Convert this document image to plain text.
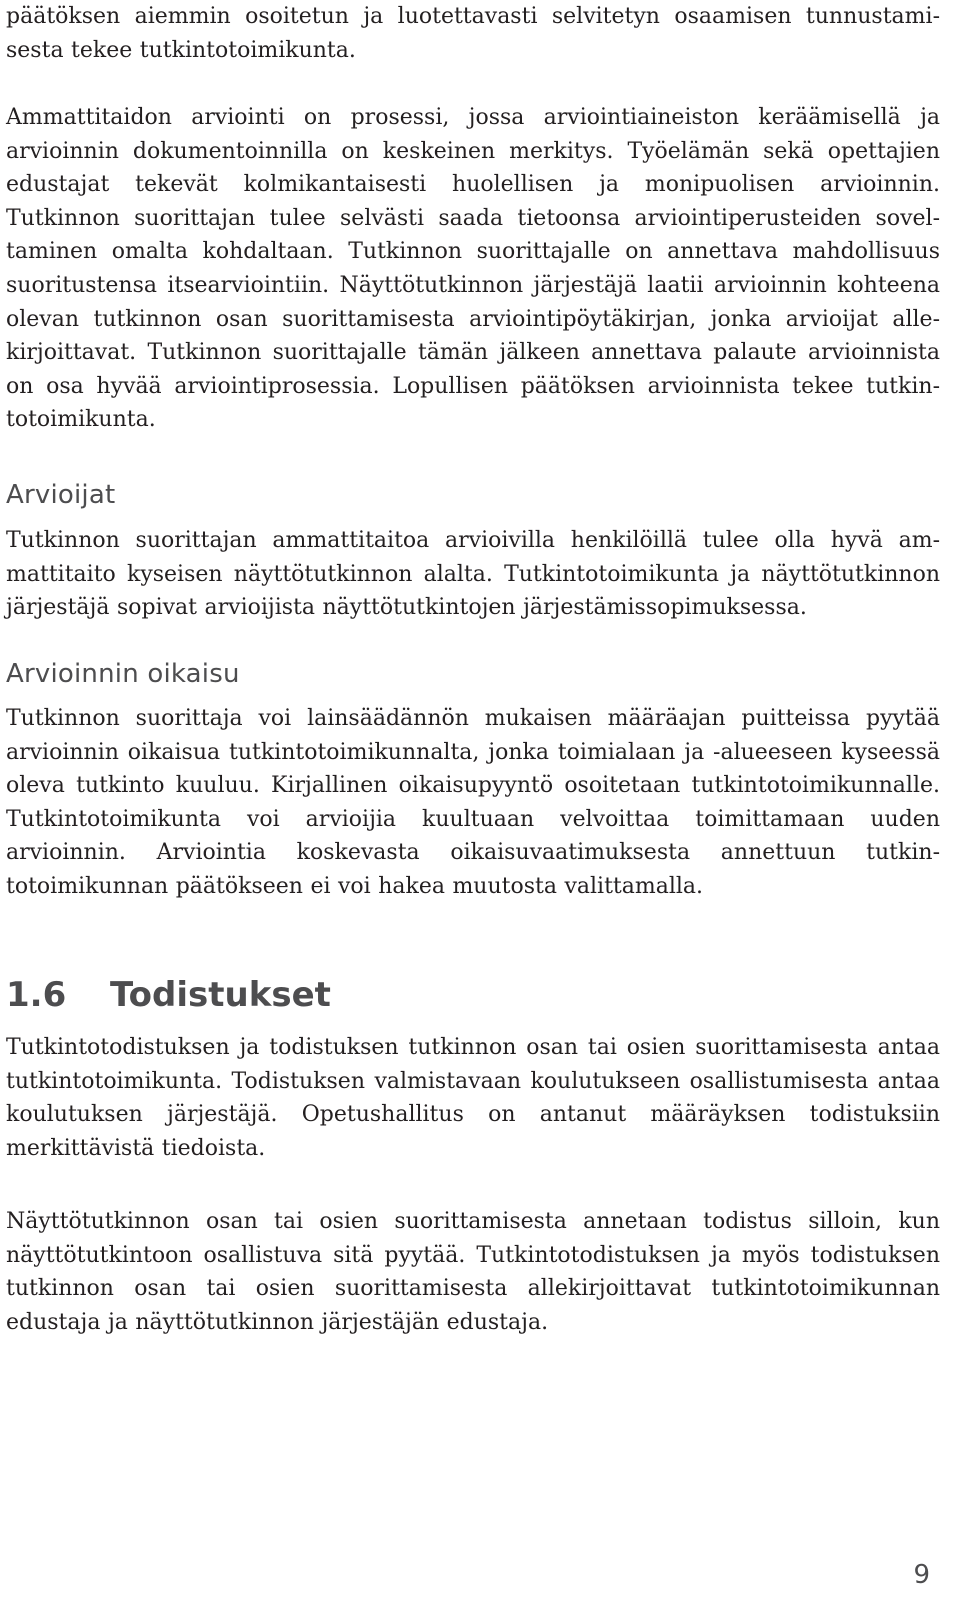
päätöksen aiemmin osoitetun ja luotettavasti selvitetyn osaamisen tunnustamisesta tekee tutkintotoimikunta.

Ammattitaidon arviointi on prosessi, jossa arviointiaineiston keräämisellä ja arvioinnin dokumentoinnilla on keskeinen merkitys. Työelämän sekä opettajien edustajat tekevät kolmikantaisesti huolellisen ja monipuolisen arvioinnin. Tutkinnon suorittajan tulee selvästi saada tietoonsa arviointiperusteiden soveltaminen omalta kohdaltaan. Tutkinnon suorittajalle on annettava mahdollisuus suoritustensa itsearviointiin. Näyttötutkinnon järjestäjä laatii arvioinnin kohteena olevan tutkinnon osan suorittamisesta arviointipöytäkirjan, jonka arvioijat allekirjoittavat. Tutkinnon suorittajalle tämän jälkeen annettava palaute arvioinnista on osa hyvää arviointiprosessia. Lopullisen päätöksen arvioinnista tekee tutkintotoimikunta.

Arvioijat

Tutkinnon suorittajan ammattitaitoa arvioivilla henkilöillä tulee olla hyvä ammattitaito kyseisen näyttötutkinnon alalta. Tutkintotoimikunta ja näyttötutkinnon järjestäjä sopivat arvioijista näyttötutkintojen järjestämissopimuksessa.

Arvioinnin oikaisu

Tutkinnon suorittaja voi lainsäädännön mukaisen määräajan puitteissa pyytää arvioinnin oikaisua tutkintotoimikunnalta, jonka toimialaan ja -alueeseen kyseessä oleva tutkinto kuuluu. Kirjallinen oikaisupyyntö osoitetaan tutkintotoimikunnalle. Tutkintotoimikunta voi arvioijia kuultuaan velvoittaa toimittamaan uuden arvioinnin. Arviointia koskevasta oikaisuvaatimuksesta annettuun tutkintotoimikunnan päätökseen ei voi hakea muutosta valittamalla.

1.6	Todistukset

Tutkintotodistuksen ja todistuksen tutkinnon osan tai osien suorittamisesta antaa tutkintotoimikunta. Todistuksen valmistavaan koulutukseen osallistumisesta antaa koulutuksen järjestäjä. Opetushallitus on antanut määräyksen todistuksiin merkittävistä tiedoista.

Näyttötutkinnon osan tai osien suorittamisesta annetaan todistus silloin, kun näyttötutkintoon osallistuva sitä pyytää. Tutkintotodistuksen ja myös todistuksen tutkinnon osan tai osien suorittamisesta allekirjoittavat tutkintotoimikunnan edustaja ja näyttötutkinnon järjestäjän edustaja.

9
